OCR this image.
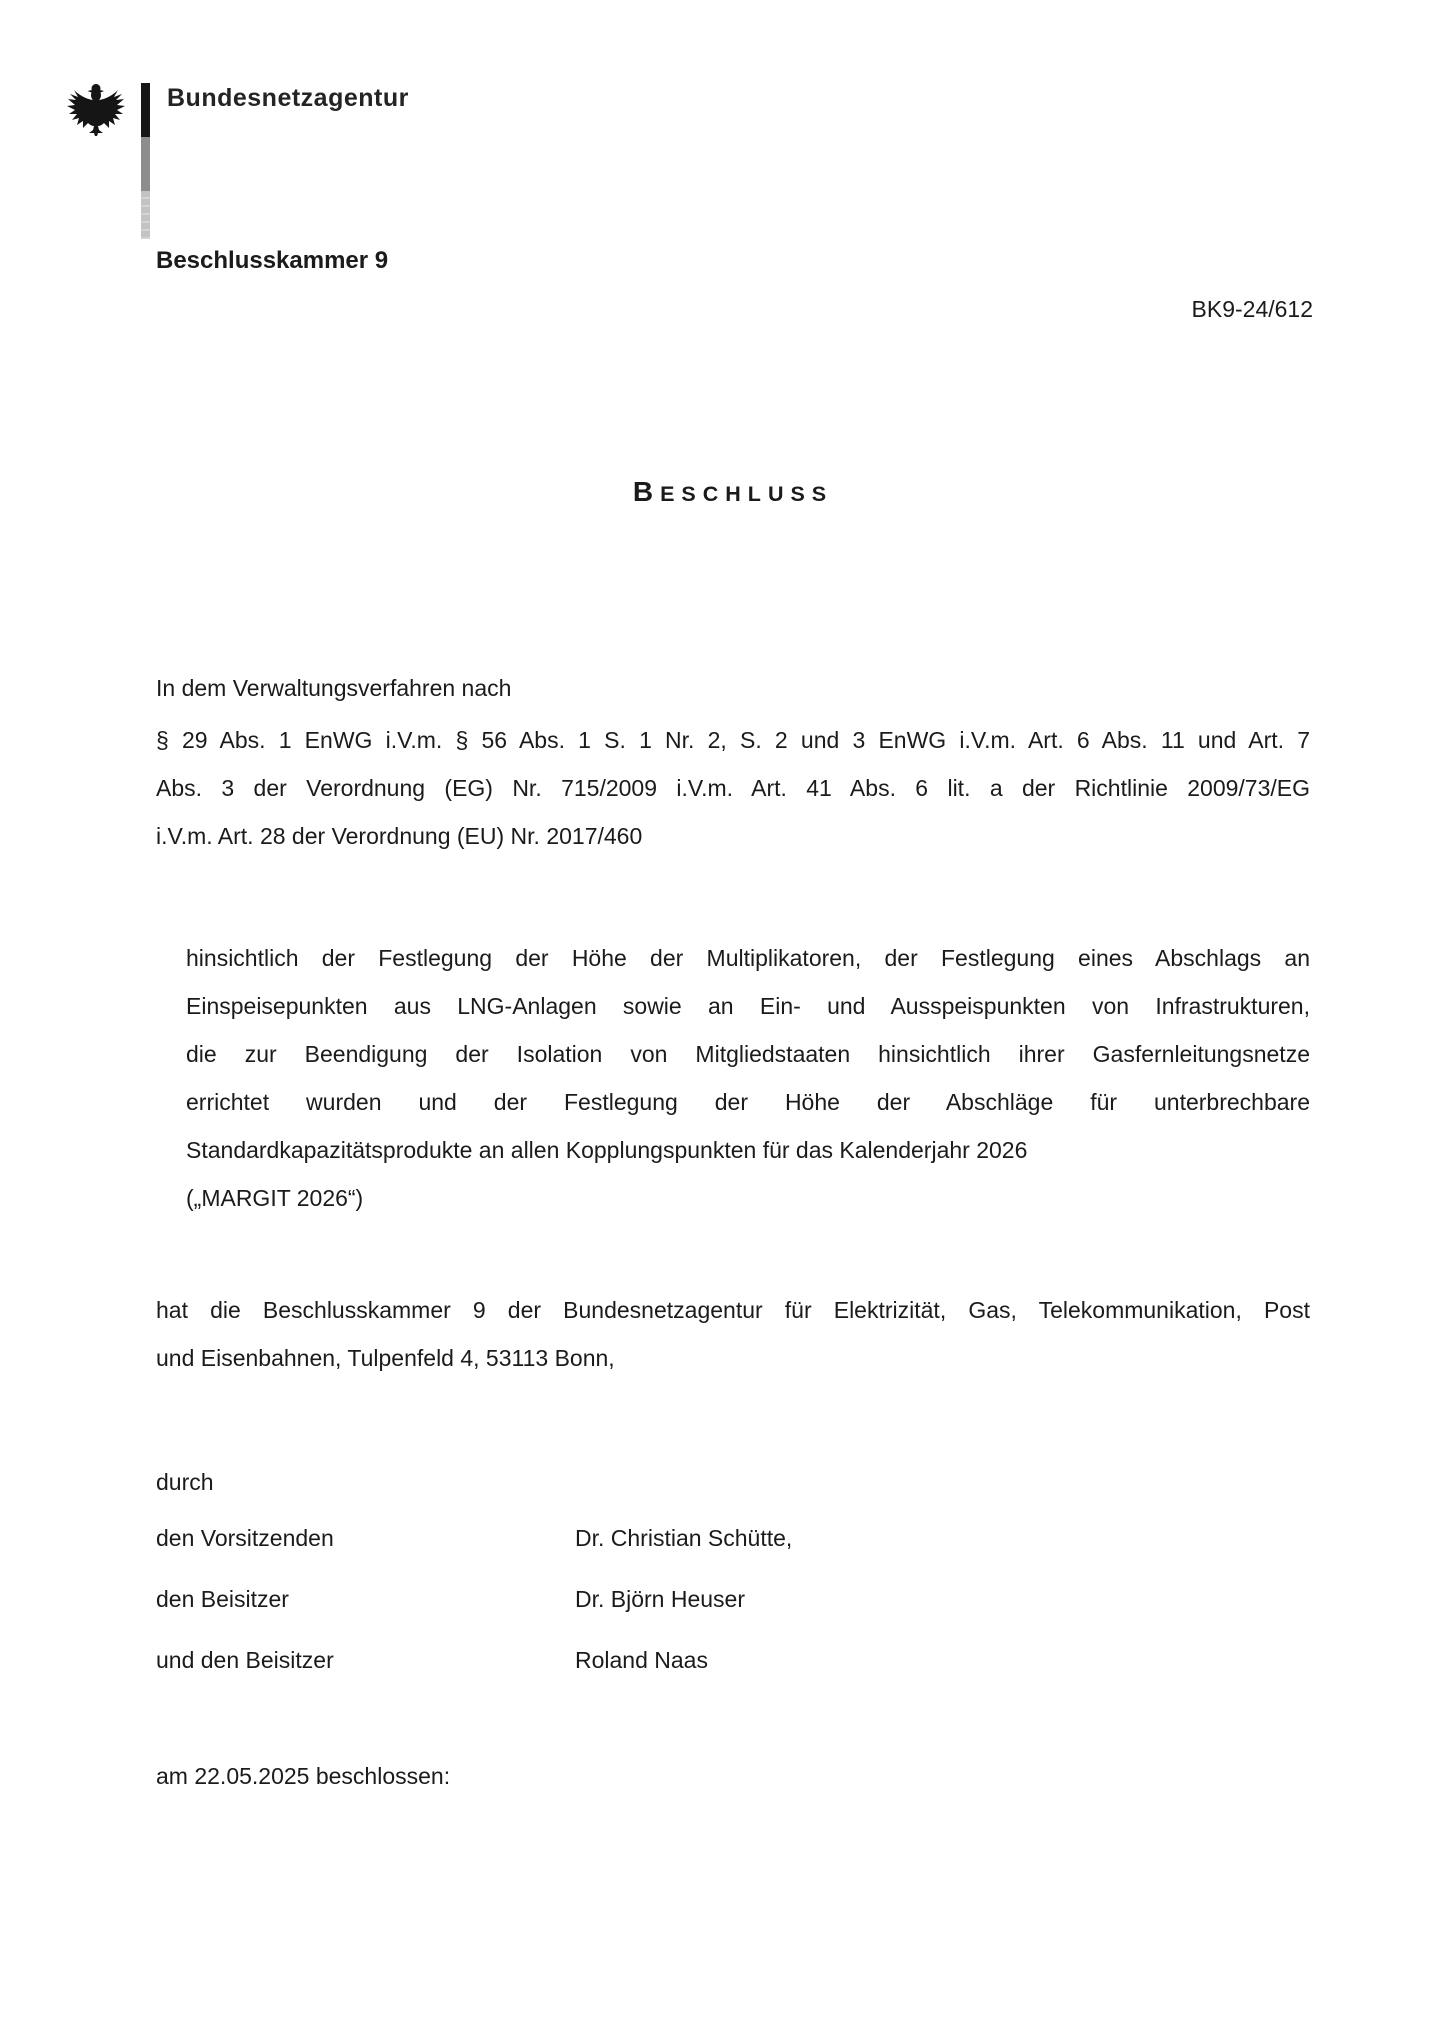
Bundesnetzagentur
Beschlusskammer 9
BK9-24/612
BESCHLUSS
In dem Verwaltungsverfahren nach
§ 29 Abs. 1 EnWG i.V.m. § 56 Abs. 1 S. 1 Nr. 2, S. 2 und 3 EnWG i.V.m. Art. 6 Abs. 11 und Art. 7
Abs. 3 der Verordnung (EG) Nr. 715/2009 i.V.m. Art. 41 Abs. 6 lit. a der Richtlinie 2009/73/EG
i.V.m. Art. 28 der Verordnung (EU) Nr. 2017/460
hinsichtlich der Festlegung der Höhe der Multiplikatoren, der Festlegung eines Abschlags an
Einspeisepunkten aus LNG-Anlagen sowie an Ein- und Ausspeispunkten von Infrastrukturen,
die zur Beendigung der Isolation von Mitgliedstaaten hinsichtlich ihrer Gasfernleitungsnetze
errichtet wurden und der Festlegung der Höhe der Abschläge für unterbrechbare
Standardkapazitätsprodukte an allen Kopplungspunkten für das Kalenderjahr 2026
(„MARGIT 2026“)
hat die Beschlusskammer 9 der Bundesnetzagentur für Elektrizität, Gas, Telekommunikation, Post
und Eisenbahnen, Tulpenfeld 4, 53113 Bonn,
durch
den Vorsitzenden	Dr. Christian Schütte,
den Beisitzer	Dr. Björn Heuser
und den Beisitzer	Roland Naas
am 22.05.2025 beschlossen:
